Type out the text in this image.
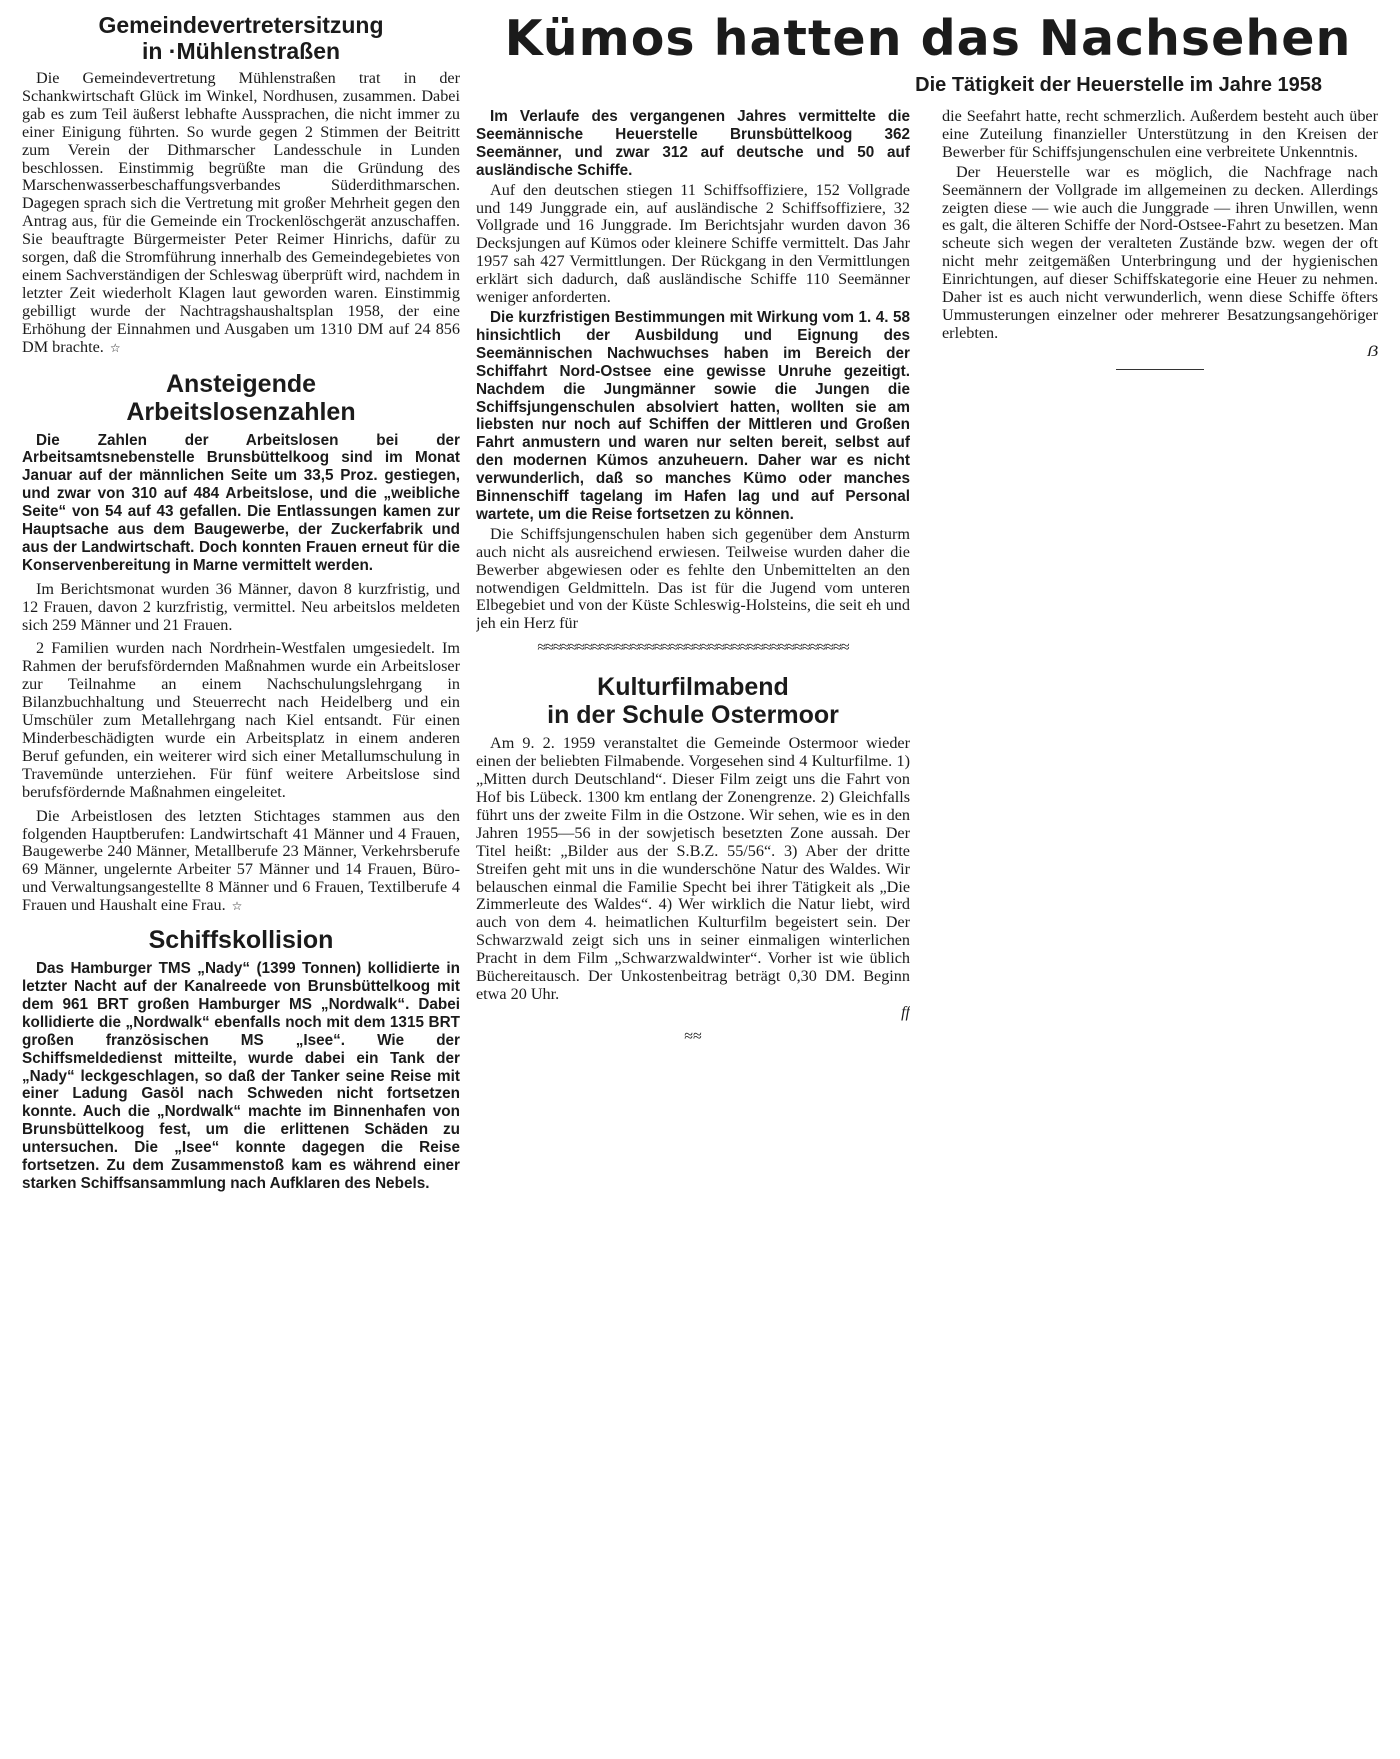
Gemeindevertretersitzung
in ·Mühlenstraßen

Die Gemeindevertretung Mühlenstraßen trat in der Schankwirtschaft Glück im Winkel, Nordhusen, zusammen. Dabei gab es zum Teil äußerst lebhafte Aussprachen, die nicht immer zu einer Einigung führten. So wurde gegen 2 Stimmen der Beitritt zum Verein der Dithmarscher Landesschule in Lunden beschlossen. Einstimmig begrüßte man die Gründung des Marschenwasserbeschaffungsverbandes Süderdithmarschen. Dagegen sprach sich die Vertretung mit großer Mehrheit gegen den Antrag aus, für die Gemeinde ein Trockenlöschgerät anzuschaffen. Sie beauftragte Bürgermeister Peter Reimer Hinrichs, dafür zu sorgen, daß die Stromführung innerhalb des Gemeindegebietes von einem Sachverständigen der Schleswag überprüft wird, nachdem in letzter Zeit wiederholt Klagen laut geworden waren. Einstimmig gebilligt wurde der Nachtragshaushaltsplan 1958, der eine Erhöhung der Einnahmen und Ausgaben um 1310 DM auf 24 856 DM brachte. ☆

Ansteigende
Arbeitslosenzahlen

Die Zahlen der Arbeitslosen bei der Arbeitsamtsnebenstelle Brunsbüttelkoog sind im Monat Januar auf der männlichen Seite um 33,5 Proz. gestiegen, und zwar von 310 auf 484 Arbeitslose, und die „weibliche Seite“ von 54 auf 43 gefallen. Die Entlassungen kamen zur Hauptsache aus dem Baugewerbe, der Zuckerfabrik und aus der Landwirtschaft. Doch konnten Frauen erneut für die Konservenbereitung in Marne vermittelt werden.

Im Berichtsmonat wurden 36 Männer, davon 8 kurzfristig, und 12 Frauen, davon 2 kurzfristig, vermittel. Neu arbeitslos meldeten sich 259 Männer und 21 Frauen.

2 Familien wurden nach Nordrhein-Westfalen umgesiedelt. Im Rahmen der berufsfördernden Maßnahmen wurde ein Arbeitsloser zur Teilnahme an einem Nachschulungslehrgang in Bilanzbuchhaltung und Steuerrecht nach Heidelberg und ein Umschüler zum Metallehrgang nach Kiel entsandt. Für einen Minderbeschädigten wurde ein Arbeitsplatz in einem anderen Beruf gefunden, ein weiterer wird sich einer Metallumschulung in Travemünde unterziehen. Für fünf weitere Arbeitslose sind berufsfördernde Maßnahmen eingeleitet.

Die Arbeistlosen des letzten Stichtages stammen aus den folgenden Hauptberufen: Landwirtschaft 41 Männer und 4 Frauen, Baugewerbe 240 Männer, Metallberufe 23 Männer, Verkehrsberufe 69 Männer, ungelernte Arbeiter 57 Männer und 14 Frauen, Büro- und Verwaltungsangestellte 8 Männer und 6 Frauen, Textilberufe 4 Frauen und Haushalt eine Frau. ☆

Schiffskollision

Das Hamburger TMS „Nady“ (1399 Tonnen) kollidierte in letzter Nacht auf der Kanalreede von Brunsbüttelkoog mit dem 961 BRT großen Hamburger MS „Nordwalk“. Dabei kollidierte die „Nordwalk“ ebenfalls noch mit dem 1315 BRT großen französischen MS „Isee“. Wie der Schiffsmeldedienst mitteilte, wurde dabei ein Tank der „Nady“ leckgeschlagen, so daß der Tanker seine Reise mit einer Ladung Gasöl nach Schweden nicht fortsetzen konnte. Auch die „Nordwalk“ machte im Binnenhafen von Brunsbüttelkoog fest, um die erlittenen Schäden zu untersuchen. Die „Isee“ konnte dagegen die Reise fortsetzen. Zu dem Zusammenstoß kam es während einer starken Schiffsansammlung nach Aufklaren des Nebels.

Kümos hatten das Nachsehen
Die Tätigkeit der Heuerstelle im Jahre 1958

Im Verlaufe des vergangenen Jahres vermittelte die Seemännische Heuerstelle Brunsbüttelkoog 362 Seemänner, und zwar 312 auf deutsche und 50 auf ausländische Schiffe.

Auf den deutschen stiegen 11 Schiffsoffiziere, 152 Vollgrade und 149 Junggrade ein, auf ausländische 2 Schiffsoffiziere, 32 Vollgrade und 16 Junggrade. Im Berichtsjahr wurden davon 36 Decksjungen auf Kümos oder kleinere Schiffe vermittelt. Das Jahr 1957 sah 427 Vermittlungen. Der Rückgang in den Vermittlungen erklärt sich dadurch, daß ausländische Schiffe 110 Seemänner weniger anforderten.

Die kurzfristigen Bestimmungen mit Wirkung vom 1. 4. 58 hinsichtlich der Ausbildung und Eignung des Seemännischen Nachwuchses haben im Bereich der Schiffahrt Nord-Ostsee eine gewisse Unruhe gezeitigt. Nachdem die Jungmänner sowie die Jungen die Schiffsjungenschulen absolviert hatten, wollten sie am liebsten nur noch auf Schiffen der Mittleren und Großen Fahrt anmustern und waren nur selten bereit, selbst auf den modernen Kümos anzuheuern. Daher war es nicht verwunderlich, daß so manches Kümo oder manches Binnenschiff tagelang im Hafen lag und auf Personal wartete, um die Reise fortsetzen zu können.

Die Schiffsjungenschulen haben sich gegenüber dem Ansturm auch nicht als ausreichend erwiesen. Teilweise wurden daher die Bewerber abgewiesen oder es fehlte den Unbemittelten an den notwendigen Geldmitteln. Das ist für die Jugend vom unteren Elbegebiet und von der Küste Schleswig-Holsteins, die seit eh und jeh ein Herz für

≈≈≈≈≈≈≈≈≈≈≈≈≈≈≈≈≈≈≈≈≈≈≈≈≈≈≈≈≈≈≈≈≈≈≈≈≈≈≈≈
Kulturfilmabend
in der Schule Ostermoor

Am 9. 2. 1959 veranstaltet die Gemeinde Ostermoor wieder einen der beliebten Filmabende. Vorgesehen sind 4 Kulturfilme. 1) „Mitten durch Deutschland“. Dieser Film zeigt uns die Fahrt von Hof bis Lübeck. 1300 km entlang der Zonengrenze. 2) Gleichfalls führt uns der zweite Film in die Ostzone. Wir sehen, wie es in den Jahren 1955—56 in der sowjetisch besetzten Zone aussah. Der Titel heißt: „Bilder aus der S.B.Z. 55/56“. 3) Aber der dritte Streifen geht mit uns in die wunderschöne Natur des Waldes. Wir belauschen einmal die Familie Specht bei ihrer Tätigkeit als „Die Zimmerleute des Waldes“. 4) Wer wirklich die Natur liebt, wird auch von dem 4. heimatlichen Kulturfilm begeistert sein. Der Schwarzwald zeigt sich uns in seiner einmaligen winterlichen Pracht in dem Film „Schwarzwaldwinter“. Vorher ist wie üblich Büchereitausch. Der Unkostenbeitrag beträgt 0,30 DM. Beginn etwa 20 Uhr.

ff
≈≈

die Seefahrt hatte, recht schmerzlich. Außerdem besteht auch über eine Zuteilung finanzieller Unterstützung in den Kreisen der Bewerber für Schiffsjungenschulen eine verbreitete Unkenntnis.

Der Heuerstelle war es möglich, die Nachfrage nach Seemännern der Vollgrade im allgemeinen zu decken. Allerdings zeigten diese — wie auch die Junggrade — ihren Unwillen, wenn es galt, die älteren Schiffe der Nord-Ostsee-Fahrt zu besetzen. Man scheute sich wegen der veralteten Zustände bzw. wegen der oft nicht mehr zeitgemäßen Unterbringung und der hygienischen Einrichtungen, auf dieser Schiffskategorie eine Heuer zu nehmen. Daher ist es auch nicht verwunderlich, wenn diese Schiffe öfters Ummusterungen einzelner oder mehrerer Besatzungsangehöriger erlebten.

ẞ
